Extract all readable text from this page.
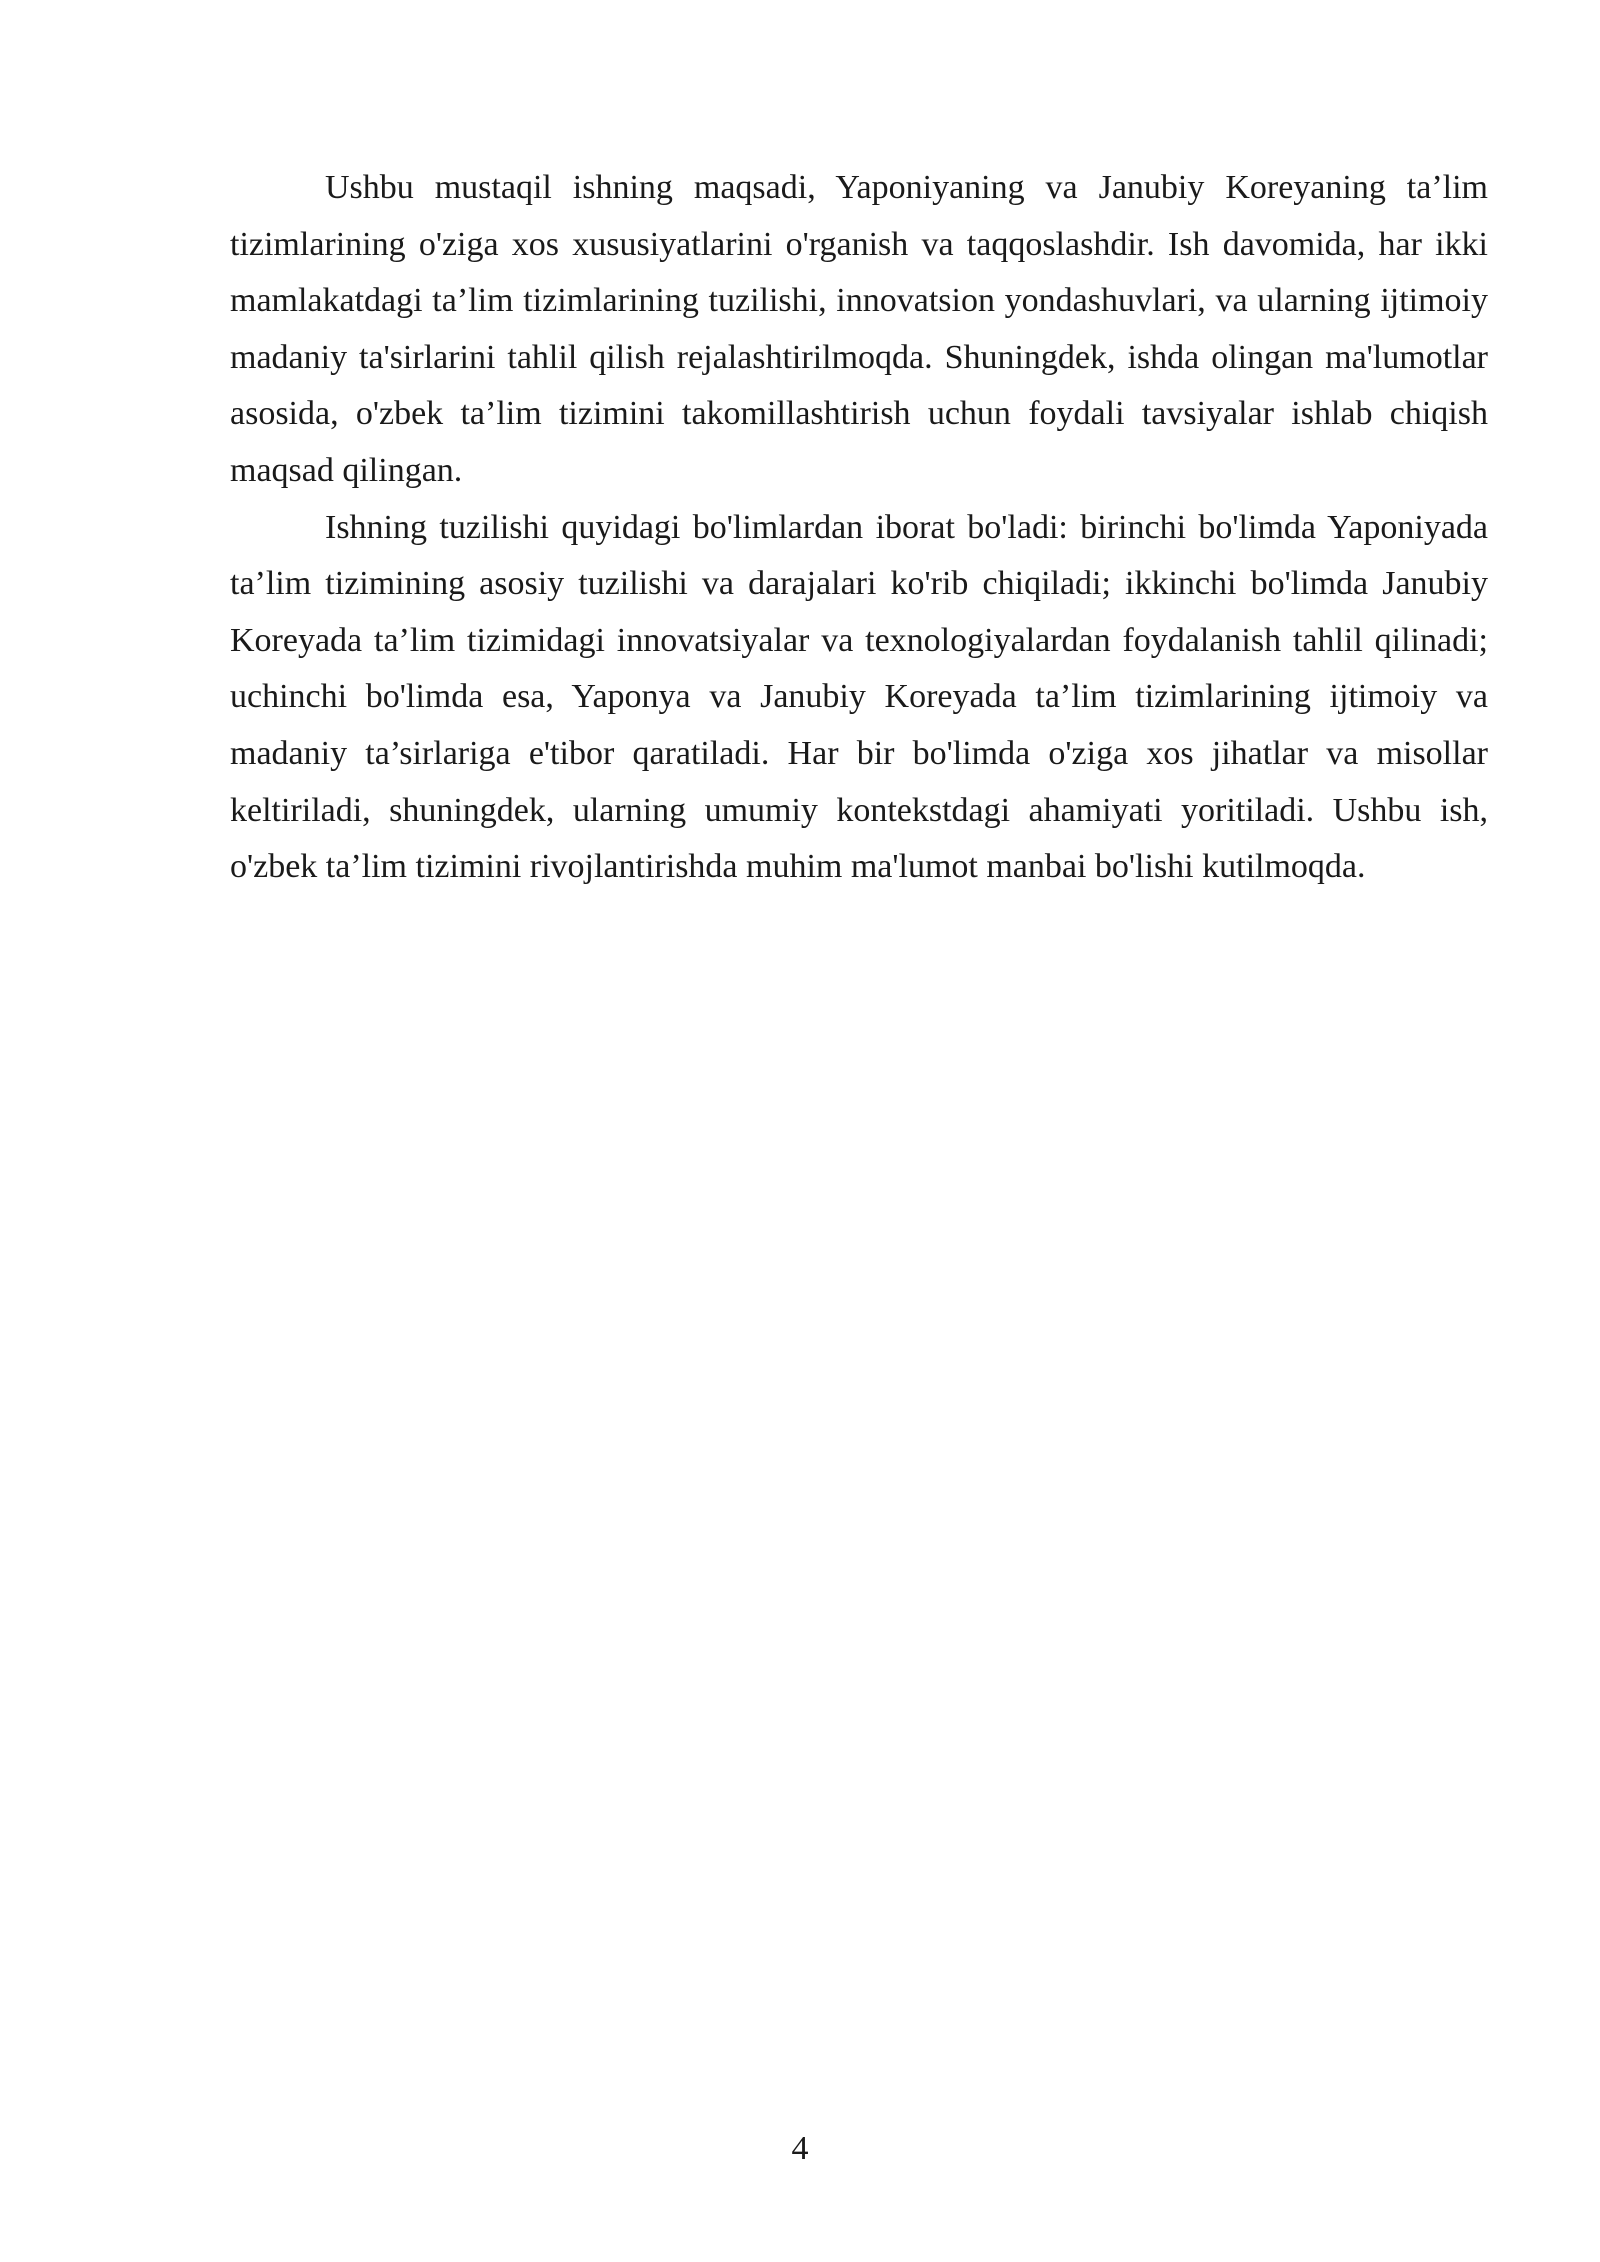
Ushbu mustaqil ishning maqsadi, Yaponiyaning va Janubiy Koreyaning ta’lim tizimlarining o'ziga xos xususiyatlarini o'rganish va taqqoslashdir. Ish davomida, har ikki mamlakatdagi ta’lim tizimlarining tuzilishi, innovatsion yondashuvlari, va ularning ijtimoiy madaniy ta'sirlarini tahlil qilish rejalashtirilmoqda. Shuningdek, ishda olingan ma'lumotlar asosida, o'zbek ta’lim tizimini takomillashtirish uchun foydali tavsiyalar ishlab chiqish maqsad qilingan.

Ishning tuzilishi quyidagi bo'limlardan iborat bo'ladi: birinchi bo'limda Yaponiyada ta’lim tizimining asosiy tuzilishi va darajalari ko'rib chiqiladi; ikkinchi bo'limda Janubiy Koreyada ta’lim tizimidagi innovatsiyalar va texnologiyalardan foydalanish tahlil qilinadi; uchinchi bo'limda esa, Yaponya va Janubiy Koreyada ta’lim tizimlarining ijtimoiy va madaniy ta’sirlariga e'tibor qaratiladi. Har bir bo'limda o'ziga xos jihatlar va misollar keltiriladi, shuningdek, ularning umumiy kontekstdagi ahamiyati yoritiladi. Ushbu ish, o'zbek ta’lim tizimini rivojlantirishda muhim ma'lumot manbai bo'lishi kutilmoqda.

4
